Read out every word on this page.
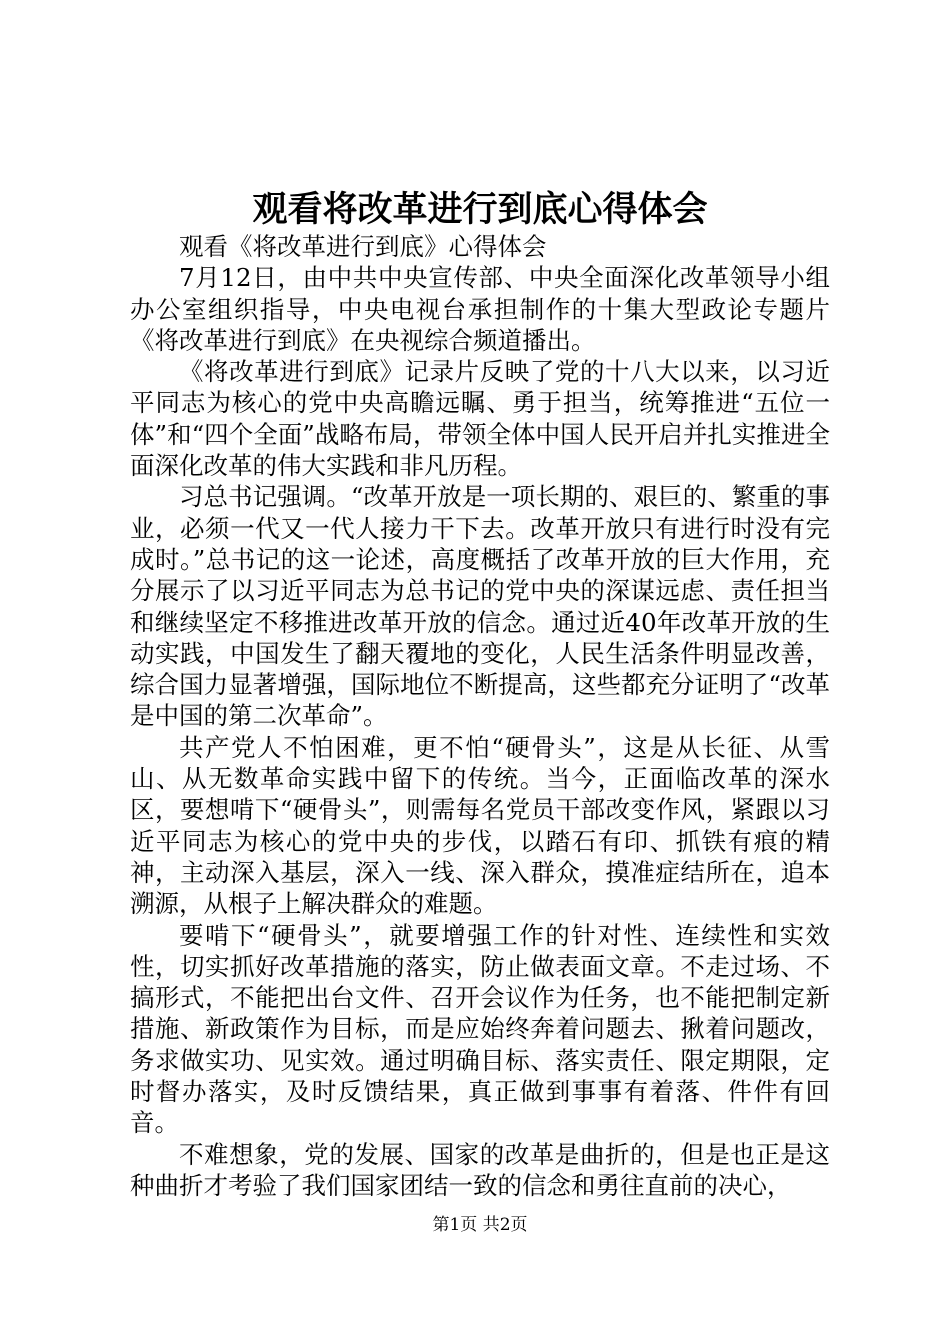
观看将改革进行到底心得体会

观看《将改革进行到底》心得体会

7月12日，由中共中央宣传部、中央全面深化改革领导小组办公室组织指导，中央电视台承担制作的十集大型政论专题片《将改革进行到底》在央视综合频道播出。

《将改革进行到底》记录片反映了党的十八大以来，以习近平同志为核心的党中央高瞻远瞩、勇于担当，统筹推进“五位一体”和“四个全面”战略布局，带领全体中国人民开启并扎实推进全面深化改革的伟大实践和非凡历程。

习总书记强调。“改革开放是一项长期的、艰巨的、繁重的事业，必须一代又一代人接力干下去。改革开放只有进行时没有完成时。”总书记的这一论述，高度概括了改革开放的巨大作用，充分展示了以习近平同志为总书记的党中央的深谋远虑、责任担当和继续坚定不移推进改革开放的信念。通过近40年改革开放的生动实践，中国发生了翻天覆地的变化，人民生活条件明显改善，综合国力显著增强，国际地位不断提高，这些都充分证明了“改革是中国的第二次革命”。

共产党人不怕困难，更不怕“硬骨头”，这是从长征、从雪山、从无数革命实践中留下的传统。当今，正面临改革的深水区，要想啃下“硬骨头”，则需每名党员干部改变作风，紧跟以习近平同志为核心的党中央的步伐，以踏石有印、抓铁有痕的精神，主动深入基层，深入一线、深入群众，摸准症结所在，追本溯源，从根子上解决群众的难题。

要啃下“硬骨头”，就要增强工作的针对性、连续性和实效性，切实抓好改革措施的落实，防止做表面文章。不走过场、不搞形式，不能把出台文件、召开会议作为任务，也不能把制定新措施、新政策作为目标，而是应始终奔着问题去、揪着问题改，务求做实功、见实效。通过明确目标、落实责任、限定期限，定时督办落实，及时反馈结果，真正做到事事有着落、件件有回音。

不难想象，党的发展、国家的改革是曲折的，但是也正是这种曲折才考验了我们国家团结一致的信念和勇往直前的决心，

第1页 共2页
